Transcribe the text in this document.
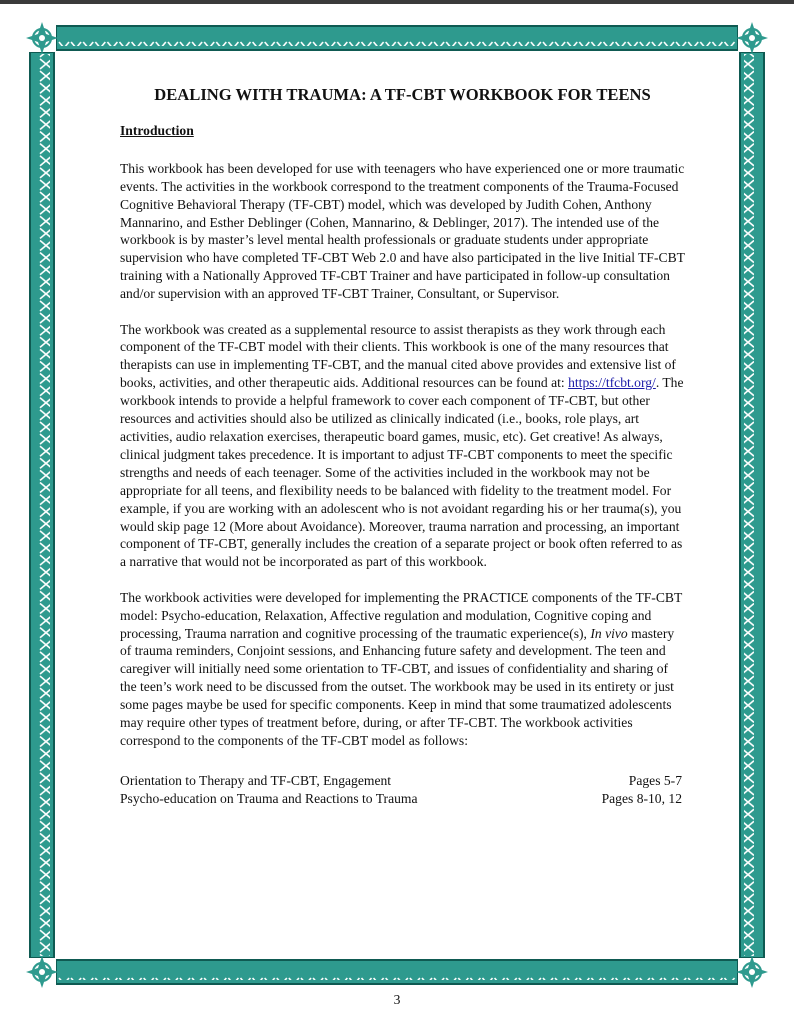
DEALING WITH TRAUMA: A TF-CBT WORKBOOK FOR TEENS
Introduction

This workbook has been developed for use with teenagers who have experienced one or more traumatic events. The activities in the workbook correspond to the treatment components of the Trauma-Focused Cognitive Behavioral Therapy (TF-CBT) model, which was developed by Judith Cohen, Anthony Mannarino, and Esther Deblinger (Cohen, Mannarino, & Deblinger, 2017). The intended use of the workbook is by master’s level mental health professionals or graduate students under appropriate supervision who have completed TF-CBT Web 2.0 and have also participated in the live Initial TF-CBT training with a Nationally Approved TF-CBT Trainer and have participated in follow-up consultation and/or supervision with an approved TF-CBT Trainer, Consultant, or Supervisor.

The workbook was created as a supplemental resource to assist therapists as they work through each component of the TF-CBT model with their clients. This workbook is one of the many resources that therapists can use in implementing TF-CBT, and the manual cited above provides and extensive list of books, activities, and other therapeutic aids. Additional resources can be found at: https://tfcbt.org/. The workbook intends to provide a helpful framework to cover each component of TF-CBT, but other resources and activities should also be utilized as clinically indicated (i.e., books, role plays, art activities, audio relaxation exercises, therapeutic board games, music, etc). Get creative! As always, clinical judgment takes precedence. It is important to adjust TF-CBT components to meet the specific strengths and needs of each teenager. Some of the activities included in the workbook may not be appropriate for all teens, and flexibility needs to be balanced with fidelity to the treatment model. For example, if you are working with an adolescent who is not avoidant regarding his or her trauma(s), you would skip page 12 (More about Avoidance). Moreover, trauma narration and processing, an important component of TF-CBT, generally includes the creation of a separate project or book often referred to as a narrative that would not be incorporated as part of this workbook.

The workbook activities were developed for implementing the PRACTICE components of the TF-CBT model: Psycho-education, Relaxation, Affective regulation and modulation, Cognitive coping and processing, Trauma narration and cognitive processing of the traumatic experience(s), In vivo mastery of trauma reminders, Conjoint sessions, and Enhancing future safety and development. The teen and caregiver will initially need some orientation to TF-CBT, and issues of confidentiality and sharing of the teen’s work need to be discussed from the outset. The workbook may be used in its entirety or just some pages maybe be used for specific components. Keep in mind that some traumatized adolescents may require other types of treatment before, during, or after TF-CBT. The workbook activities correspond to the components of the TF-CBT model as follows:

Orientation to Therapy and TF-CBT, Engagement	Pages 5-7
Psycho-education on Trauma and Reactions to Trauma	Pages 8-10, 12
3
